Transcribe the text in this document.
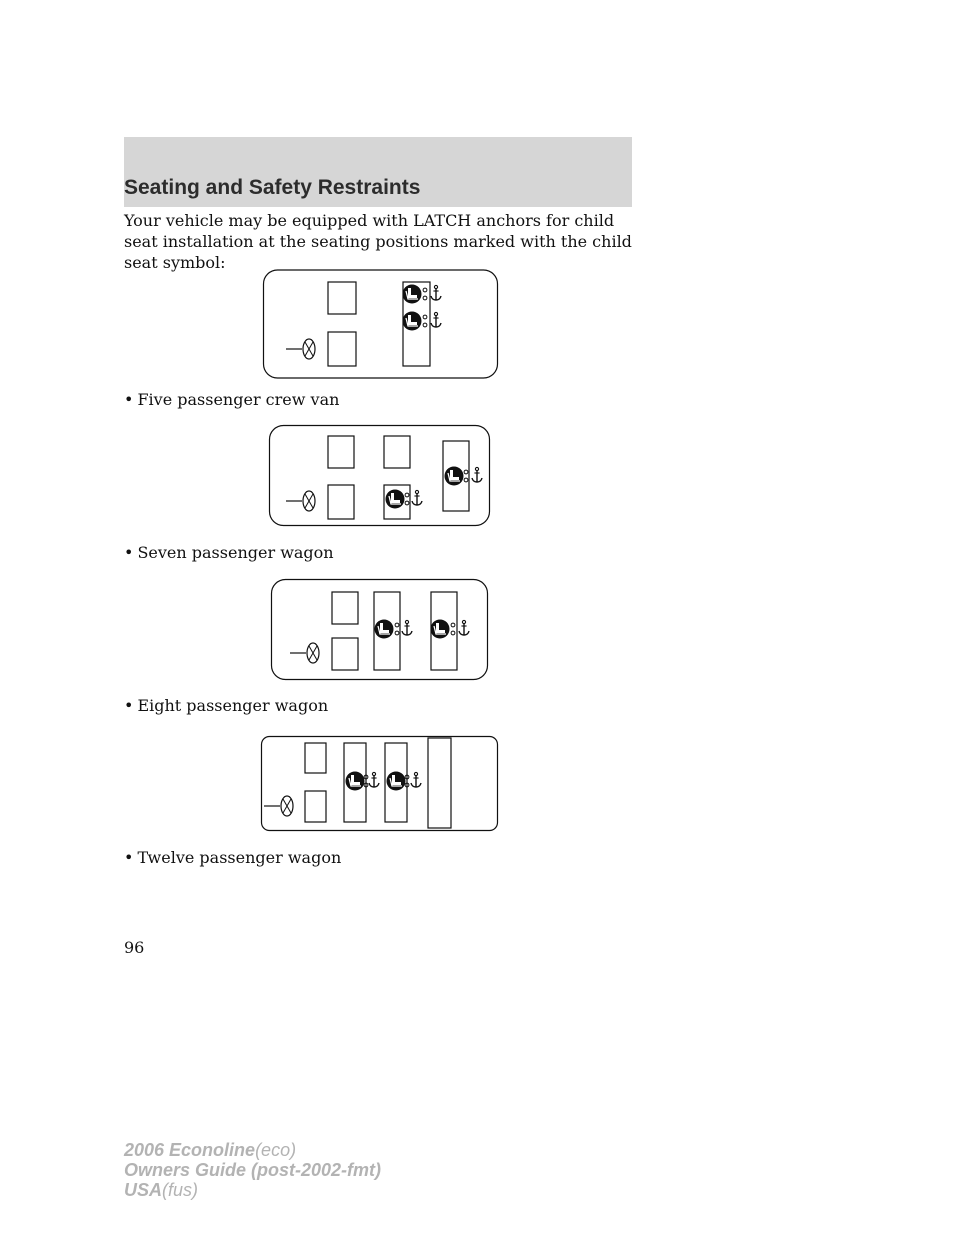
Seating and Safety Restraints

Your vehicle may be equipped with LATCH anchors for child seat installation at the seating positions marked with the child seat symbol:

• Five passenger crew van

• Seven passenger wagon

• Eight passenger wagon

• Twelve passenger wagon

96

2006 Econoline(eco)
Owners Guide (post-2002-fmt)
USA(fus)
